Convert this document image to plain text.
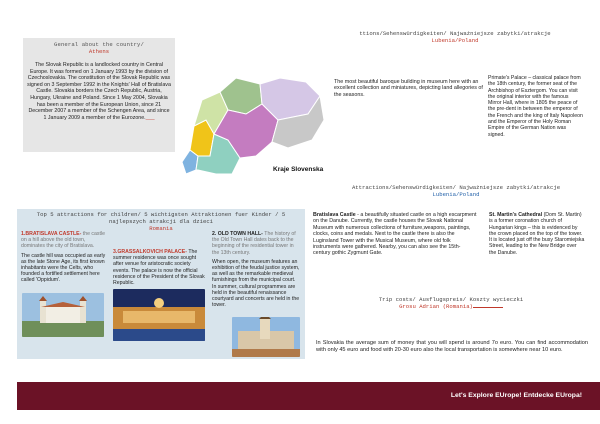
General about the country/
Athens
The Slovak Republic is a landlocked country in Central Europe. It was formed on 1 January 1993 by the division of Czechoslovakia. The constitution of the Slovak Republic was signed on 3 September 1992 in the Knights' Hall of Bratislava Castle. Slovakia borders the Czech Republic, Austria, Hungary, Ukraine and Poland. Since 1 May 2004, Slovakia has been a member of the European Union, since 21 December 2007 a member of the Schengen Area, and since 1 January 2009 a member of the Eurozone.___
Kraje Slovenska
ttions/Sehenswürdigkeiten/ Najważniejsze zabytki/atrakcje
Lubenia/Poland
The most beautiful baroque building in museum here with an excellent collection and miniatures, depicting land allegories of the seasons.
Primate's Palace – classical palace from the 18th century, the former seat of the Archbishop of Esztergom. You can visit the original interior with the famous Mirror Hall, where in 1805 the peace of the pre-dent in between the emperor of the French and the king of Italy Napoleon and the Emperor of the Holy Roman Empire of the German Nation was signed.
Attractions/Sehenswürdigkeiten/ Najważniejsze zabytki/atrakcje
Lubenia/Poland
Top 5 attractions for children/ 5 wichtigsten Attraktionen fuer Kinder / 5 najlepszych atrakcji dla dzieci
Romania
1.BRATISLAVA CASTLE- the castle on a hill above the old town, dominates the city of Bratislava.
The castle hill was occupied as early as the late Stone Age, its first known inhabitants were the Celts, who founded a fortified settlement here called 'Oppidum'.
3.GRASSALKOVICH PALACE- The summer residence was once sought after venue for aristocratic society events. The palace is now the official residence of the President of the Slovak Republic.
2. OLD TOWN HALL- The history of the Old Town Hall dates back to the beginning of the residential tower in the 13th century.
When open, the museum features an exhibition of the feudal justice system, as well as the remarkable medieval furnishings from the municipal court. In summer, cultural programmes are held in the beautiful renaissance courtyard and concerts are held in the tower.
Bratislava Castle - a beautifully situated castle on a high escarpment on the Danube. Currently, the castle houses the Slovak National Museum with numerous collections of furniture,weapons, paintings, clocks, coins and medals. Next to the castle there is also the Luginsland Tower with the Musical Museum, where old folk instruments were gathered. Nearby, you can also see the 15th-century gothic Zygmunt Gate.
St. Martin's Cathedral (Dom St. Martin) is a former coronation church of Hungarian kings – this is evidenced by the crown placed on the top of the tower. It is located just off the busy Staromiejska Street, leading to the New Bridge over the Danube.
Trip costs/ Ausflugspreis/ Koszty wycieczki
Grosu Adrian (Romania)
In Slovakia the average sum of money that you will spend is around 7o euro. You can find accommodation with only 45 euro and food with 20-30 euro also the local transportation is somewhere near 10 euro.
Let's Explore EUrope! Entdecke EUropa!
